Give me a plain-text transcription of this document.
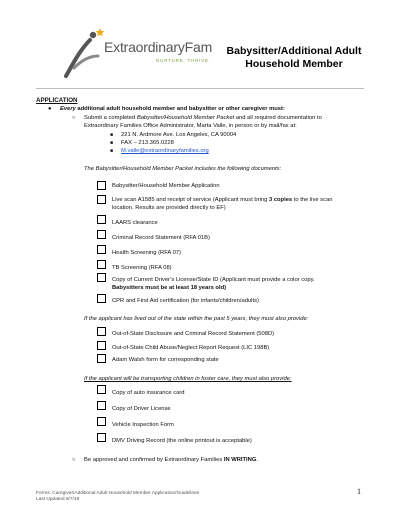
ExtraordinaryFam
NURTURE. THRIVE.
Babysitter/Additional Adult
Household Member
APPLICATION
● Every additional adult household member and babysitter or other caregiver must:
○ Submit a completed Babysitter/Household Member Packet and all required documentation to
Extraordinary Families Office Administrator, Marta Valle, in person or by mail/fax at:
■ 221 N. Ardmore Ave. Los Angeles, CA 90004
■ FAX – 213.365.0228
■ M.valle@extraordinaryfamilies.org
The Babysitter/Household Member Packet includes the following documents:
Babysitter/Household Member Application
Live scan A1585 and receipt of service (Applicant must bring 3 copies to the live scan
location. Results are provided directly to EF)
LAARS clearance
Criminal Record Statement (RFA 01B)
Health Screening (RFA 07)
TB Screening (RFA 08)
Copy of Current Driver’s License/State ID (Applicant must provide a color copy.
Babysitters must be at least 18 years old)
CPR and First Aid certification (for infants/children/adults)
If the applicant has lived out of the state within the past 5 years, they must also provide:
Out-of-State Disclosure and Criminal Record Statement (508D)
Out-of-State Child Abuse/Neglect Report Request (LIC 198B)
Adam Walsh form for corresponding state
If the applicant will be transporting children in foster care, they must also provide:
Copy of auto insurance card
Copy of Driver License
Vehicle Inspection Form
DMV Driving Record (the online printout is acceptable)
○ Be approved and confirmed by Extraordinary Families IN WRITING.
Forms: Caregiver/Additional Adult Household Member Application/Guidelines
Last Updated 8/7/19
1
